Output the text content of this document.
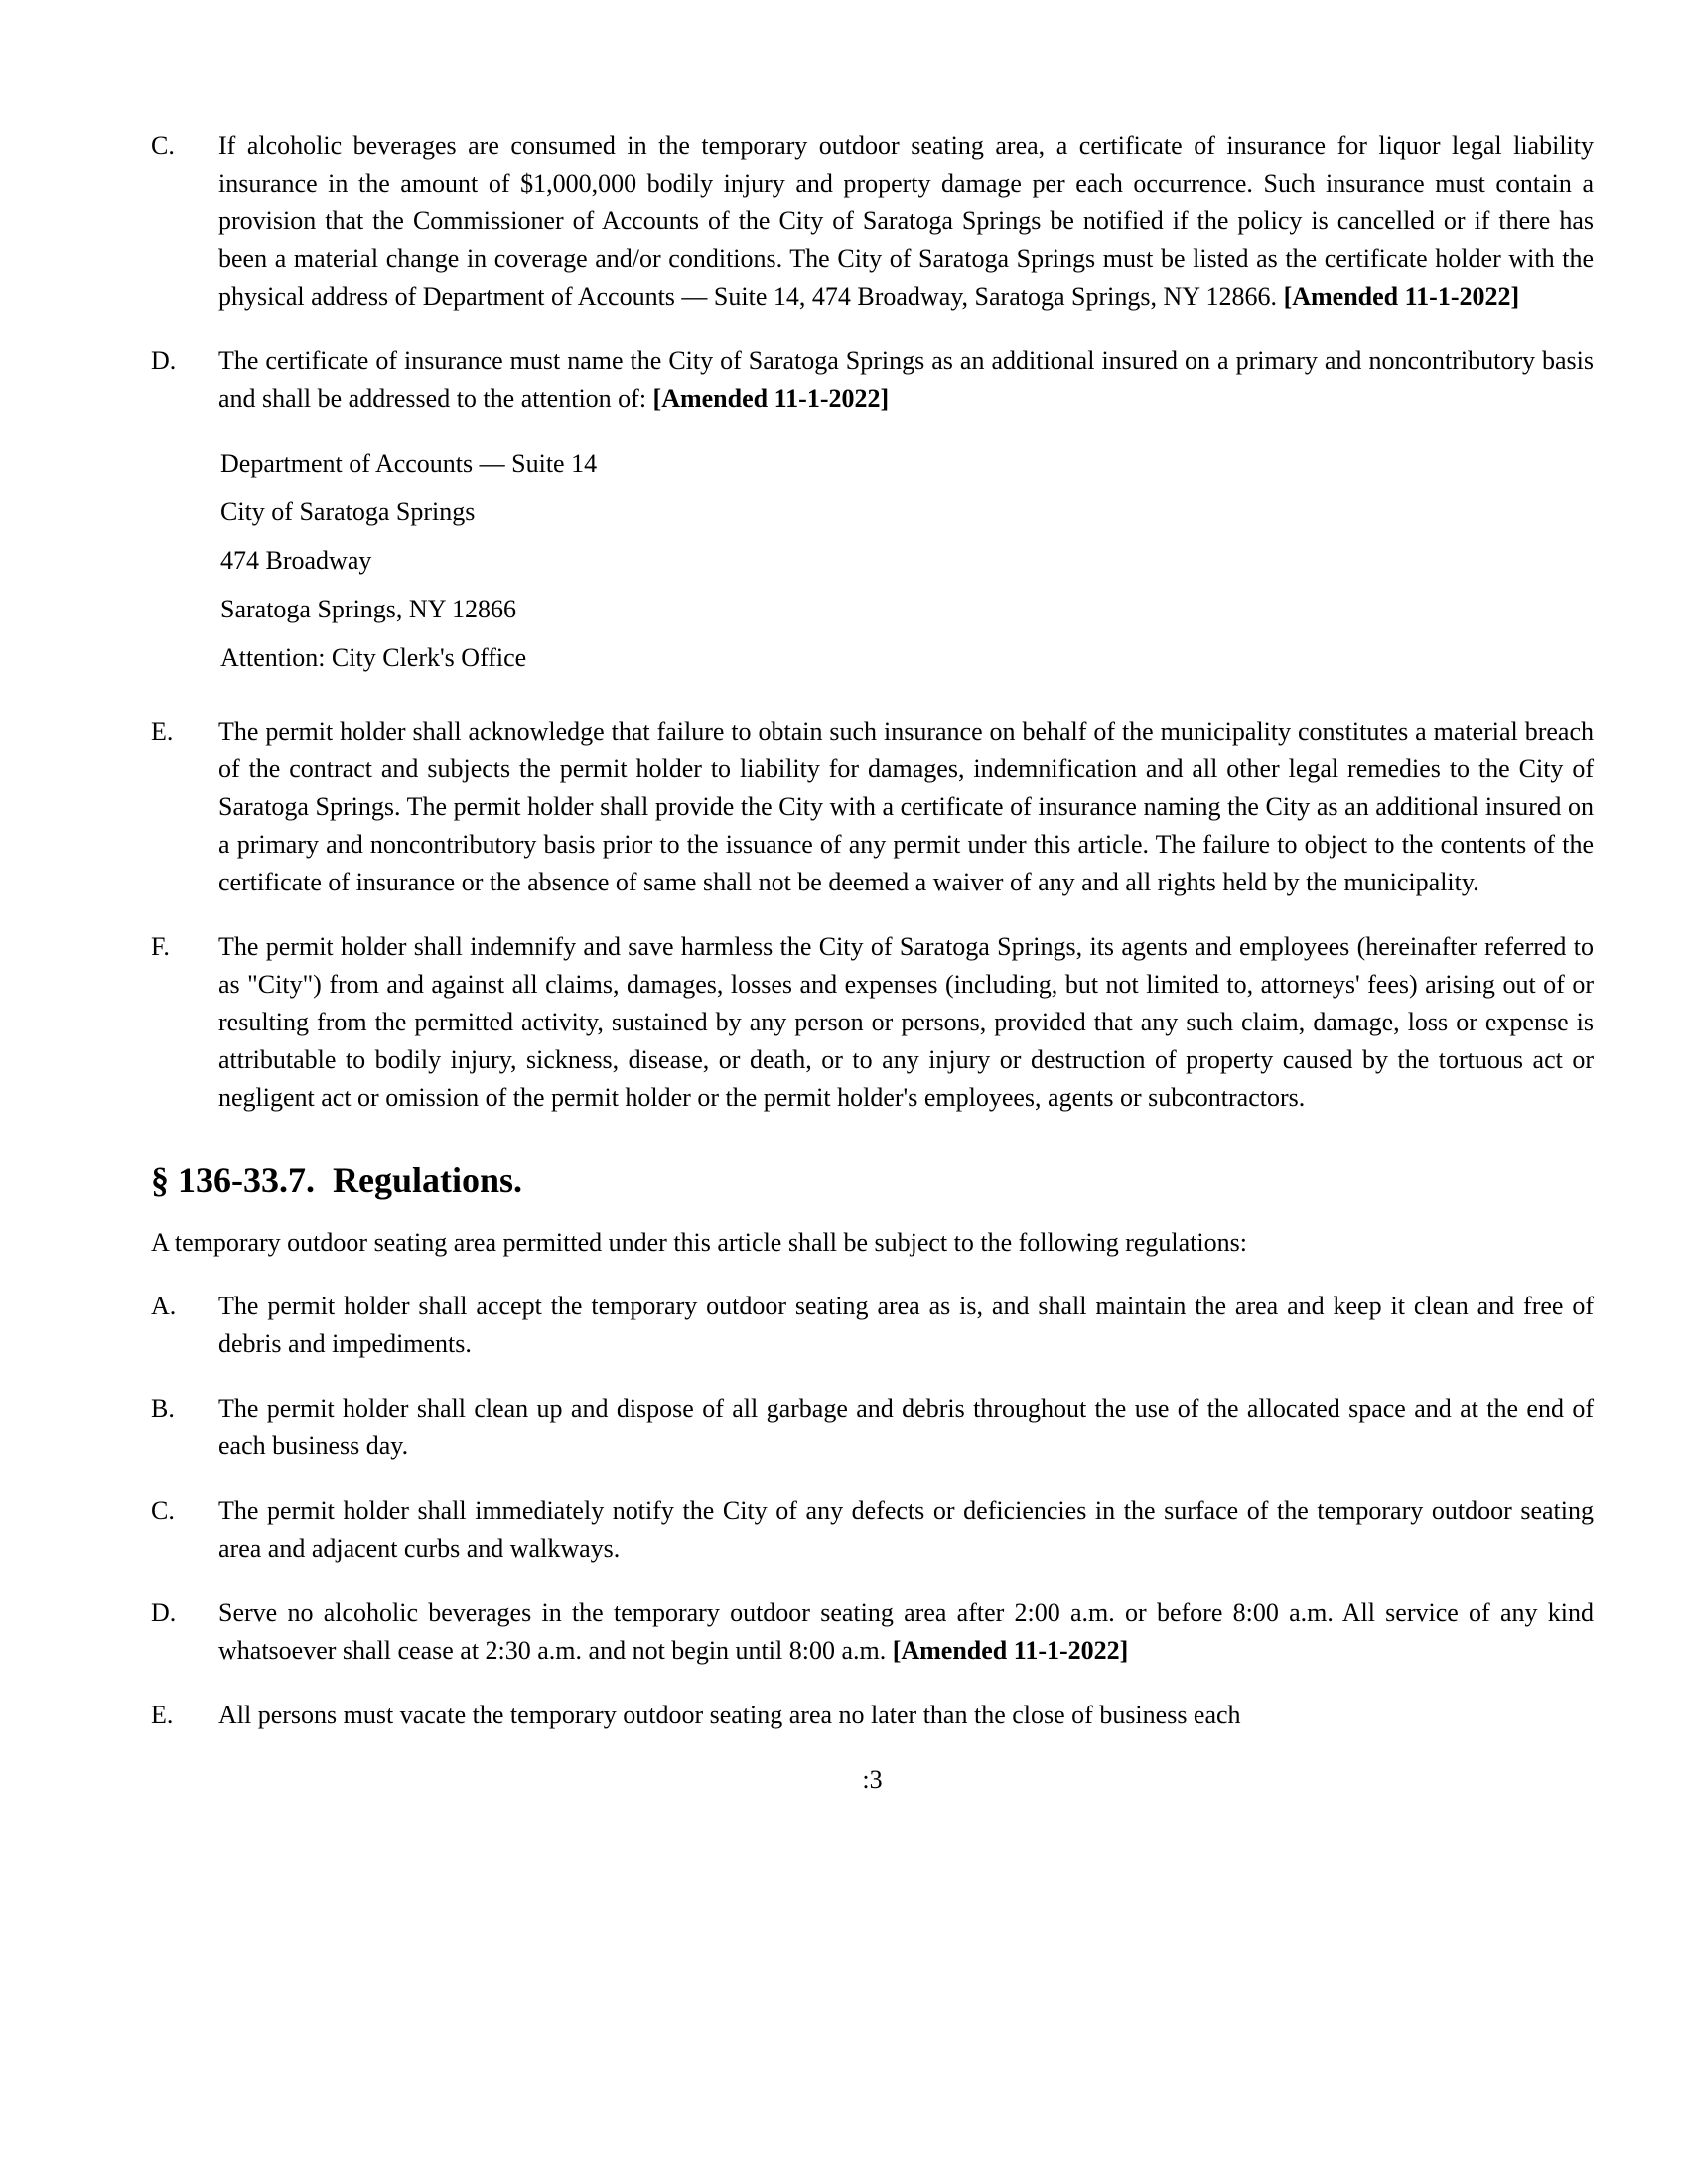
C.	If alcoholic beverages are consumed in the temporary outdoor seating area, a certificate of insurance for liquor legal liability insurance in the amount of $1,000,000 bodily injury and property damage per each occurrence. Such insurance must contain a provision that the Commissioner of Accounts of the City of Saratoga Springs be notified if the policy is cancelled or if there has been a material change in coverage and/or conditions. The City of Saratoga Springs must be listed as the certificate holder with the physical address of Department of Accounts — Suite 14, 474 Broadway, Saratoga Springs, NY 12866. [Amended 11-1-2022]
D.	The certificate of insurance must name the City of Saratoga Springs as an additional insured on a primary and noncontributory basis and shall be addressed to the attention of: [Amended 11-1-2022]

Department of Accounts — Suite 14

City of Saratoga Springs

474 Broadway

Saratoga Springs, NY 12866

Attention: City Clerk's Office

E.	The permit holder shall acknowledge that failure to obtain such insurance on behalf of the municipality constitutes a material breach of the contract and subjects the permit holder to liability for damages, indemnification and all other legal remedies to the City of Saratoga Springs. The permit holder shall provide the City with a certificate of insurance naming the City as an additional insured on a primary and noncontributory basis prior to the issuance of any permit under this article. The failure to object to the contents of the certificate of insurance or the absence of same shall not be deemed a waiver of any and all rights held by the municipality.
F.	The permit holder shall indemnify and save harmless the City of Saratoga Springs, its agents and employees (hereinafter referred to as "City") from and against all claims, damages, losses and expenses (including, but not limited to, attorneys' fees) arising out of or resulting from the permitted activity, sustained by any person or persons, provided that any such claim, damage, loss or expense is attributable to bodily injury, sickness, disease, or death, or to any injury or destruction of property caused by the tortuous act or negligent act or omission of the permit holder or the permit holder's employees, agents or subcontractors.
§ 136-33.7.  Regulations.

A temporary outdoor seating area permitted under this article shall be subject to the following regulations:

A.	The permit holder shall accept the temporary outdoor seating area as is, and shall maintain the area and keep it clean and free of debris and impediments.
B.	The permit holder shall clean up and dispose of all garbage and debris throughout the use of the allocated space and at the end of each business day.
C.	The permit holder shall immediately notify the City of any defects or deficiencies in the surface of the temporary outdoor seating area and adjacent curbs and walkways.
D.	Serve no alcoholic beverages in the temporary outdoor seating area after 2:00 a.m. or before 8:00 a.m. All service of any kind whatsoever shall cease at 2:30 a.m. and not begin until 8:00 a.m. [Amended 11-1-2022]
E.	All persons must vacate the temporary outdoor seating area no later than the close of business each
:3
